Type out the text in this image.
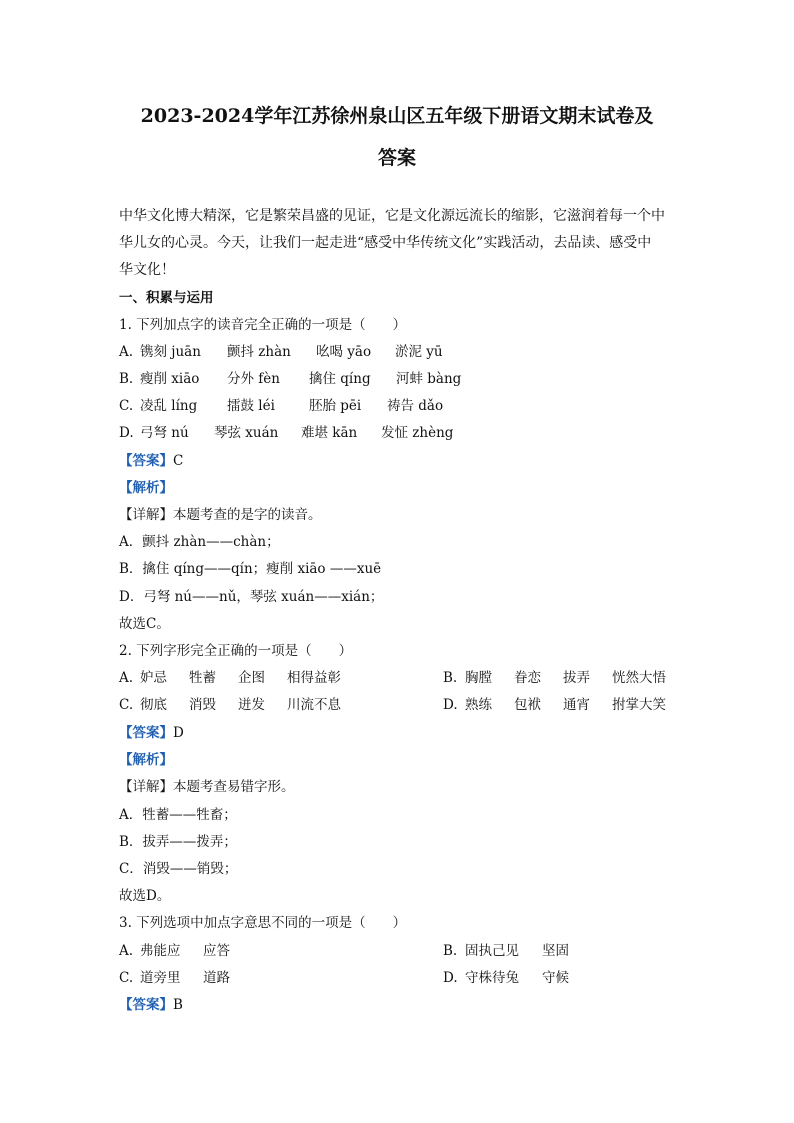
2023-2024学年江苏徐州泉山区五年级下册语文期末试卷及
答案
中华文化博大精深，它是繁荣昌盛的见证，它是文化源远流长的缩影，它滋润着每一个中
华儿女的心灵。今天，让我们一起走进“感受中华传统文化”实践活动，去品读、感受中
华文化！
一、积累与运用
1. 下列加点字的读音完全正确的一项是（　　）
A. 镌刻 juān 颤抖 zhàn 吆喝 yāo 淤泥 yū
B. 瘦削 xiāo 分外 fèn 擒住 qíng 河蚌 bàng
C. 凌乱 líng 擂鼓 léi	胚胎 pēi 祷告 dǎo
D. 弓弩 nú 琴弦 xuán 难堪 kān 发怔 zhèng
【答案】C
【解析】
【详解】本题考查的是字的读音。
A．颤抖 zhàn——chàn；
B．擒住 qíng——qín；瘦削 xiāo ——xuē
D．弓弩 nú——nǔ，琴弦 xuán——xián；
故选C。
2. 下列字形完全正确的一项是（　　）
A. 妒忌 牲蓄 企图 相得益彰	B. 胸膛 眷恋 拔弄 恍然大悟
C. 彻底 消毁 迸发 川流不息	D. 熟练 包袱 通宵 拊掌大笑
【答案】D
【解析】
【详解】本题考查易错字形。
A．牲蓄——牲畜；
B．拔弄——拨弄；
C．消毁——销毁；
故选D。
3. 下列选项中加点字意思不同的一项是（　　）
A. 弗能应 应答	B. 固执己见 坚固
C. 道旁里 道路	D. 守株待兔 守候
【答案】B
